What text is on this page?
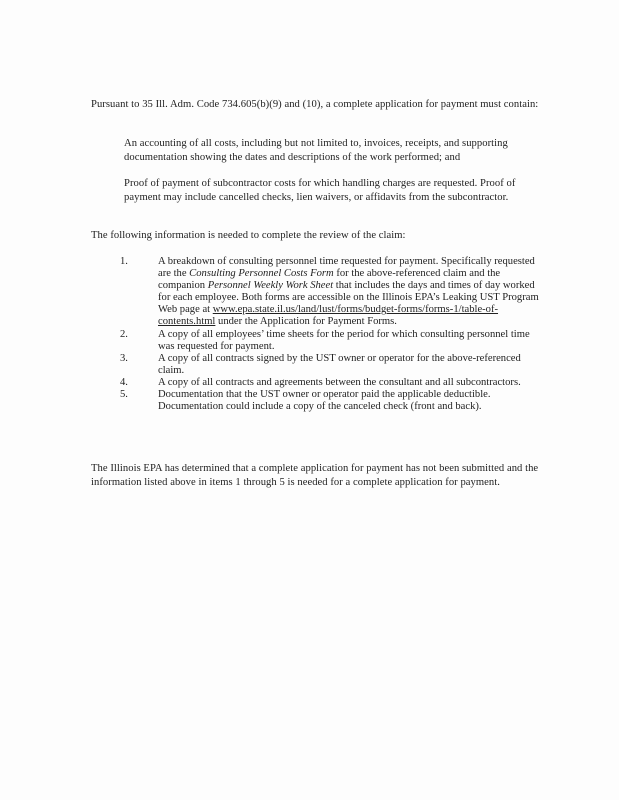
Pursuant to 35 Ill. Adm. Code 734.605(b)(9) and (10), a complete application for payment must contain:

An accounting of all costs, including but not limited to, invoices, receipts, and supporting documentation showing the dates and descriptions of the work performed; and

Proof of payment of subcontractor costs for which handling charges are requested. Proof of payment may include cancelled checks, lien waivers, or affidavits from the subcontractor.

The following information is needed to complete the review of the claim:

1.	A breakdown of consulting personnel time requested for payment. Specifically requested are the Consulting Personnel Costs Form for the above-referenced claim and the companion Personnel Weekly Work Sheet that includes the days and times of day worked for each employee. Both forms are accessible on the Illinois EPA’s Leaking UST Program Web page at www.epa.state.il.us/land/lust/forms/budget-forms/forms-1/table-of-contents.html under the Application for Payment Forms.
2.	A copy of all employees’ time sheets for the period for which consulting personnel time was requested for payment.
3.	A copy of all contracts signed by the UST owner or operator for the above-referenced claim.
4.	A copy of all contracts and agreements between the consultant and all subcontractors.
5.	Documentation that the UST owner or operator paid the applicable deductible. Documentation could include a copy of the canceled check (front and back).

The Illinois EPA has determined that a complete application for payment has not been submitted and the information listed above in items 1 through 5 is needed for a complete application for payment.
